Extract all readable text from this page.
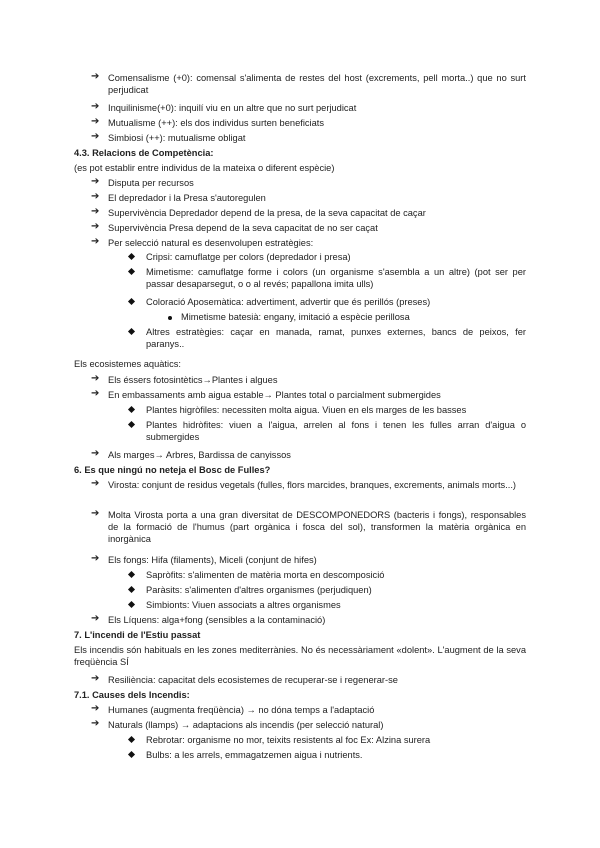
➔ Comensalisme (+0): comensal s'alimenta de restes del host (excrements, pell morta..) que no surt perjudicat
➔ Inquilinisme(+0): inquilí viu en un altre que no surt perjudicat
➔ Mutualisme (++): els dos individus surten beneficiats
➔ Simbiosi (++): mutualisme obligat
4.3. Relacions de Competència:
(es pot establir entre individus de la mateixa o diferent espècie)
➔ Disputa per recursos
➔ El depredador i la Presa s'autoregulen
➔ Supervivència Depredador depend de la presa, de la seva capacitat de caçar
➔ Supervivència Presa depend de la seva capacitat de no ser caçat
➔ Per selecció natural es desenvolupen estratègies:
Cripsi: camuflatge per colors (depredador i presa)
Mimetisme: camuflatge forme i colors (un organisme s'asembla a un altre) (pot ser per passar desaparsegut, o o al revés; papallona imita ulls)
Coloració Aposemàtica: advertiment, advertir que és perillós (preses)
Mimetisme batesià: engany, imitació a espècie perillosa
Altres estratègies: caçar en manada, ramat, punxes externes, bancs de peixos, fer paranys..
Els ecosistemes aquàtics:
➔ Els éssers fotosintètics→Plantes i algues
➔ En embassaments amb aigua estable→ Plantes total o parcialment submergides
Plantes higròfiles: necessiten molta aigua. Viuen en els marges de les basses
Plantes hidròfites: viuen a l'aigua, arrelen al fons i tenen les fulles arran d'aigua o submergides
➔ Als marges→ Arbres, Bardissa de canyissos
6. Es que ningú no neteja el Bosc de Fulles?
➔ Virosta: conjunt de residus vegetals (fulles, flors marcides, branques, excrements, animals morts...)
➔ Molta Virosta porta a una gran diversitat de DESCOMPONEDORS (bacteris i fongs), responsables de la formació de l'humus (part orgànica i fosca del sol), transformen la matèria orgànica en inorgànica
➔ Els fongs: Hifa (filaments), Miceli (conjunt de hifes)
Sapròfits: s'alimenten de matèria morta en descomposició
Paràsits: s'alimenten d'altres organismes (perjudiquen)
Simbionts: Viuen associats a altres organismes
➔ Els Líquens: alga+fong (sensibles a la contaminació)
7. L'incendi de l'Estiu passat
Els incendis són habituals en les zones mediterrànies. No és necessàriament «dolent». L'augment de la seva freqüència SÍ
➔ Resiliència: capacitat dels ecosistemes de recuperar-se i regenerar-se
7.1. Causes dels Incendis:
➔ Humanes (augmenta freqüència) → no dóna temps a l'adaptació
➔ Naturals (llamps) → adaptacions als incendis (per selecció natural)
Rebrotar: organisme no mor, teixits resistents al foc Ex: Alzina surera
Bulbs: a les arrels, emmagatzemen aigua i nutrients.
